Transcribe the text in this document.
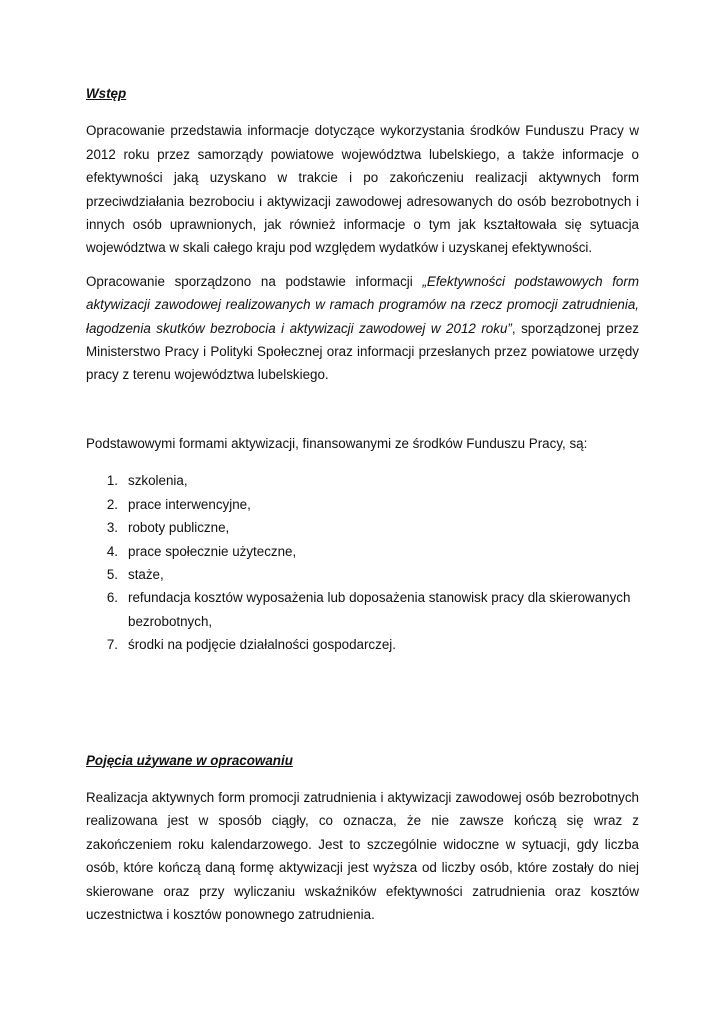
Wstęp

Opracowanie przedstawia informacje dotyczące wykorzystania środków Funduszu Pracy w 2012 roku przez samorządy powiatowe województwa lubelskiego, a także informacje o efektywności jaką uzyskano w trakcie i po zakończeniu realizacji aktywnych form przeciwdziałania bezrobociu i aktywizacji zawodowej adresowanych do osób bezrobotnych i innych osób uprawnionych, jak również informacje o tym jak kształtowała się sytuacja województwa w skali całego kraju pod względem wydatków i uzyskanej efektywności.

Opracowanie sporządzono na podstawie informacji „Efektywności podstawowych form aktywizacji zawodowej realizowanych w ramach programów na rzecz promocji zatrudnienia, łagodzenia skutków bezrobocia i aktywizacji zawodowej w 2012 roku”, sporządzonej przez Ministerstwo Pracy i Polityki Społecznej oraz informacji przesłanych przez powiatowe urzędy pracy z terenu województwa lubelskiego.

Podstawowymi formami aktywizacji, finansowanymi ze środków Funduszu Pracy, są:

1. szkolenia,
2. prace interwencyjne,
3. roboty publiczne,
4. prace społecznie użyteczne,
5. staże,
6. refundacja kosztów wyposażenia lub doposażenia stanowisk pracy dla skierowanych bezrobotnych,
7. środki na podjęcie działalności gospodarczej.

Pojęcia używane w opracowaniu

Realizacja aktywnych form promocji zatrudnienia i aktywizacji zawodowej osób bezrobotnych realizowana jest w sposób ciągły, co oznacza, że nie zawsze kończą się wraz z zakończeniem roku kalendarzowego. Jest to szczególnie widoczne w sytuacji, gdy liczba osób, które kończą daną formę aktywizacji jest wyższa od liczby osób, które zostały do niej skierowane oraz przy wyliczaniu wskaźników efektywności zatrudnienia oraz kosztów uczestnictwa i kosztów ponownego zatrudnienia.
